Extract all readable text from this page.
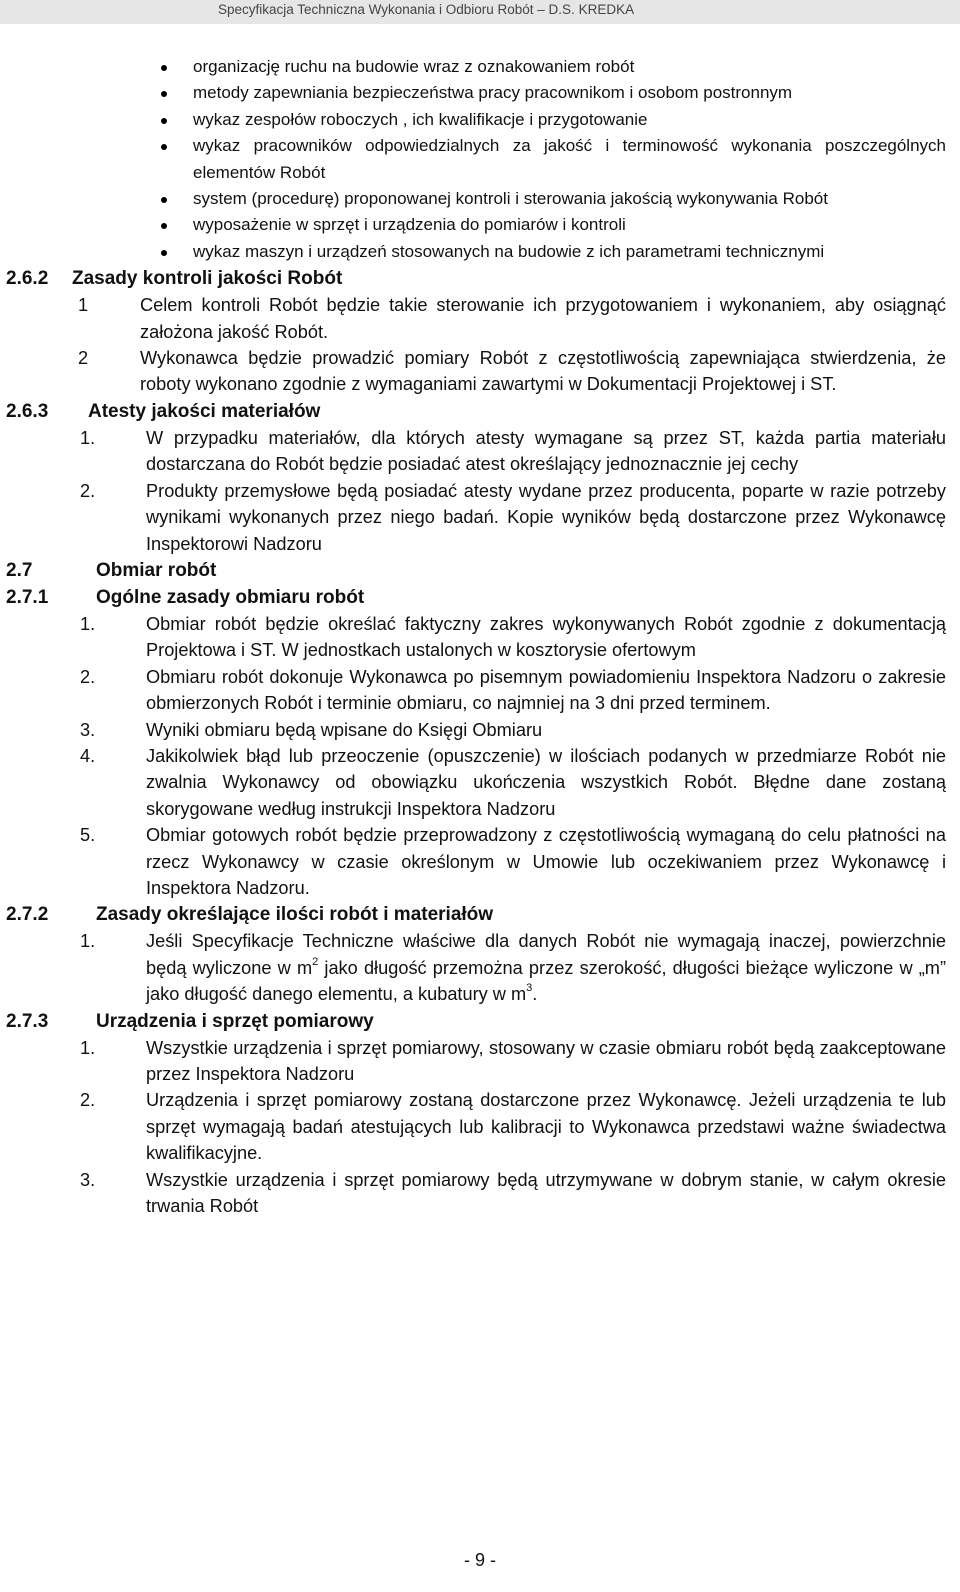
Specyfikacja Techniczna Wykonania i Odbioru Robót – D.S. KREDKA
organizację ruchu na budowie wraz z oznakowaniem robót
metody zapewniania bezpieczeństwa pracy pracownikom i osobom postronnym
wykaz zespołów roboczych , ich kwalifikacje i przygotowanie
wykaz pracowników odpowiedzialnych za jakość i terminowość wykonania poszczególnych elementów Robót
system (procedurę) proponowanej kontroli i sterowania jakością wykonywania Robót
wyposażenie w sprzęt i urządzenia do pomiarów i kontroli
wykaz maszyn i urządzeń stosowanych na budowie z ich parametrami technicznymi
2.6.2	Zasady kontroli jakości Robót
1	Celem kontroli Robót będzie takie sterowanie ich przygotowaniem i wykonaniem, aby osiągnąć założona jakość Robót.
2	Wykonawca będzie prowadzić pomiary Robót z częstotliwością zapewniająca stwierdzenia, że roboty wykonano zgodnie z wymaganiami zawartymi w Dokumentacji Projektowej i ST.
2.6.3	Atesty jakości materiałów
1.	W przypadku materiałów, dla których atesty wymagane są przez ST, każda partia materiału dostarczana do Robót będzie posiadać atest określający jednoznacznie jej cechy
2.	Produkty przemysłowe będą posiadać atesty wydane przez producenta, poparte w razie potrzeby wynikami wykonanych przez niego badań. Kopie wyników będą dostarczone przez Wykonawcę Inspektorowi Nadzoru
2.7	Obmiar robót
2.7.1	Ogólne zasady obmiaru robót
1.	Obmiar robót będzie określać faktyczny zakres wykonywanych Robót zgodnie z dokumentacją Projektowa i ST. W jednostkach ustalonych w kosztorysie ofertowym
2.	Obmiaru robót dokonuje Wykonawca po pisemnym powiadomieniu Inspektora Nadzoru o zakresie obmierzonych Robót i terminie obmiaru, co najmniej na 3 dni przed terminem.
3.	Wyniki obmiaru będą wpisane do Księgi Obmiaru
4.	Jakikolwiek błąd lub przeoczenie (opuszczenie) w ilościach podanych w przedmiarze Robót nie zwalnia Wykonawcy od obowiązku ukończenia wszystkich Robót. Błędne dane zostaną skorygowane według instrukcji Inspektora Nadzoru
5.	Obmiar gotowych robót będzie przeprowadzony z częstotliwością wymaganą do celu płatności na rzecz Wykonawcy w czasie określonym w Umowie lub oczekiwaniem przez Wykonawcę i Inspektora Nadzoru.
2.7.2	Zasady określające ilości robót i materiałów
1.	Jeśli Specyfikacje Techniczne właściwe dla danych Robót nie wymagają inaczej, powierzchnie będą wyliczone w $m^2$ jako długość przemożna przez szerokość, długości bieżące wyliczone w „m” jako długość danego elementu, a kubatury w $m^3$.
2.7.3	Urządzenia i sprzęt pomiarowy
1.	Wszystkie urządzenia i sprzęt pomiarowy, stosowany w czasie obmiaru robót będą zaakceptowane przez Inspektora Nadzoru
2.	Urządzenia i sprzęt pomiarowy zostaną dostarczone przez Wykonawcę. Jeżeli urządzenia te lub sprzęt wymagają badań atestujących lub kalibracji to Wykonawca przedstawi ważne świadectwa kwalifikacyjne.
3.	Wszystkie urządzenia i sprzęt pomiarowy będą utrzymywane w dobrym stanie, w całym okresie trwania Robót
- 9 -
